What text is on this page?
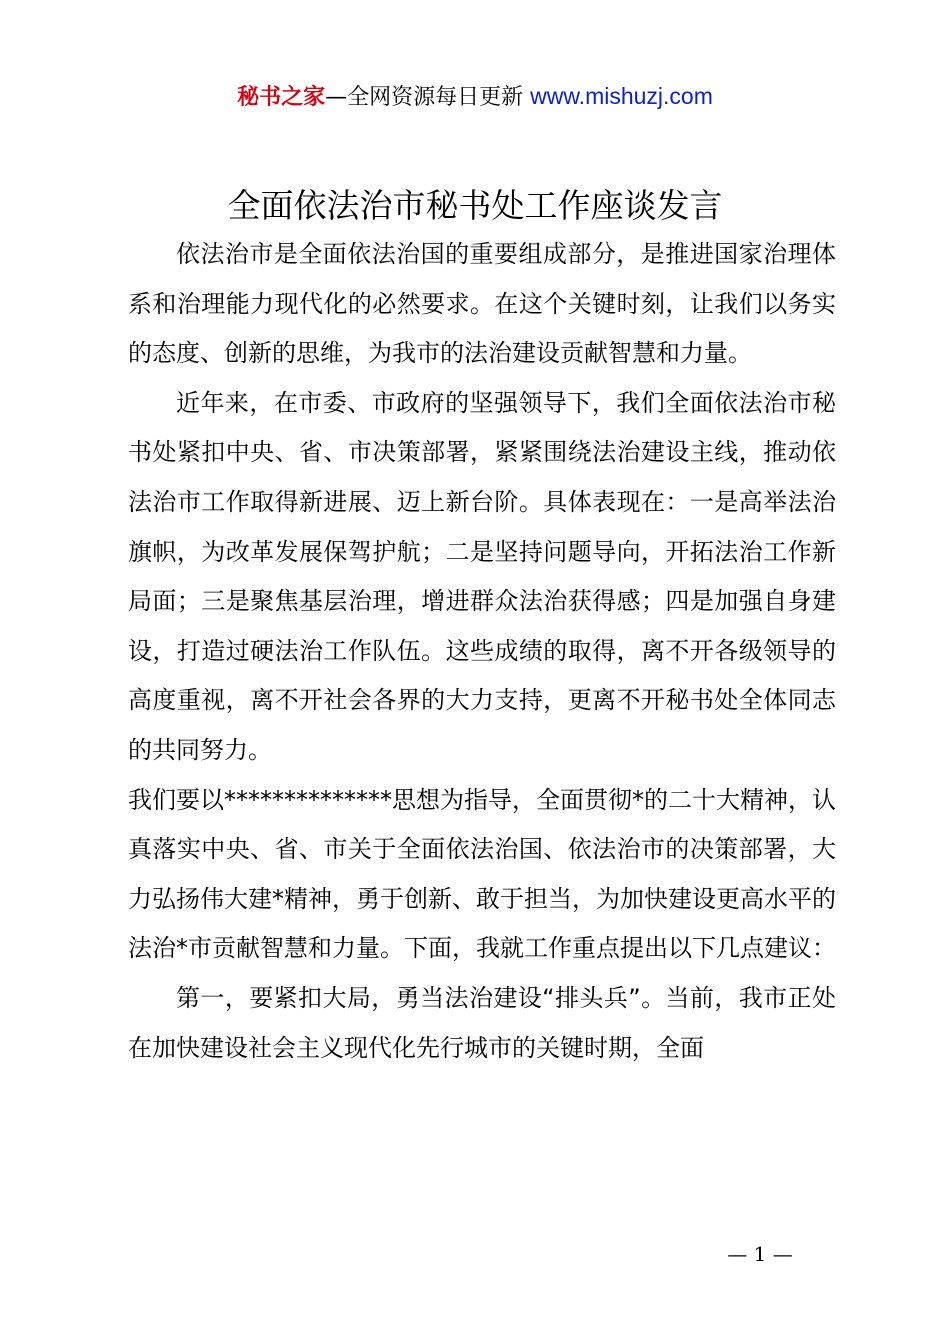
秘书之家—全网资源每日更新 www.mishuzj.com
全面依法治市秘书处工作座谈发言

依法治市是全面依法治国的重要组成部分，是推进国家治理体系和治理能力现代化的必然要求。在这个关键时刻，让我们以务实的态度、创新的思维，为我市的法治建设贡献智慧和力量。

近年来，在市委、市政府的坚强领导下，我们全面依法治市秘书处紧扣中央、省、市决策部署，紧紧围绕法治建设主线，推动依法治市工作取得新进展、迈上新台阶。具体表现在：一是高举法治旗帜，为改革发展保驾护航；二是坚持问题导向，开拓法治工作新局面；三是聚焦基层治理，增进群众法治获得感；四是加强自身建设，打造过硬法治工作队伍。这些成绩的取得，离不开各级领导的高度重视，离不开社会各界的大力支持，更离不开秘书处全体同志的共同努力。

我们要以**************思想为指导，全面贯彻*的二十大精神，认真落实中央、省、市关于全面依法治国、依法治市的决策部署，大力弘扬伟大建*精神，勇于创新、敢于担当，为加快建设更高水平的法治*市贡献智慧和力量。下面，我就工作重点提出以下几点建议：

第一，要紧扣大局，勇当法治建设“排头兵”。当前，我市正处在加快建设社会主义现代化先行城市的关键时期，全面

— 1 —
